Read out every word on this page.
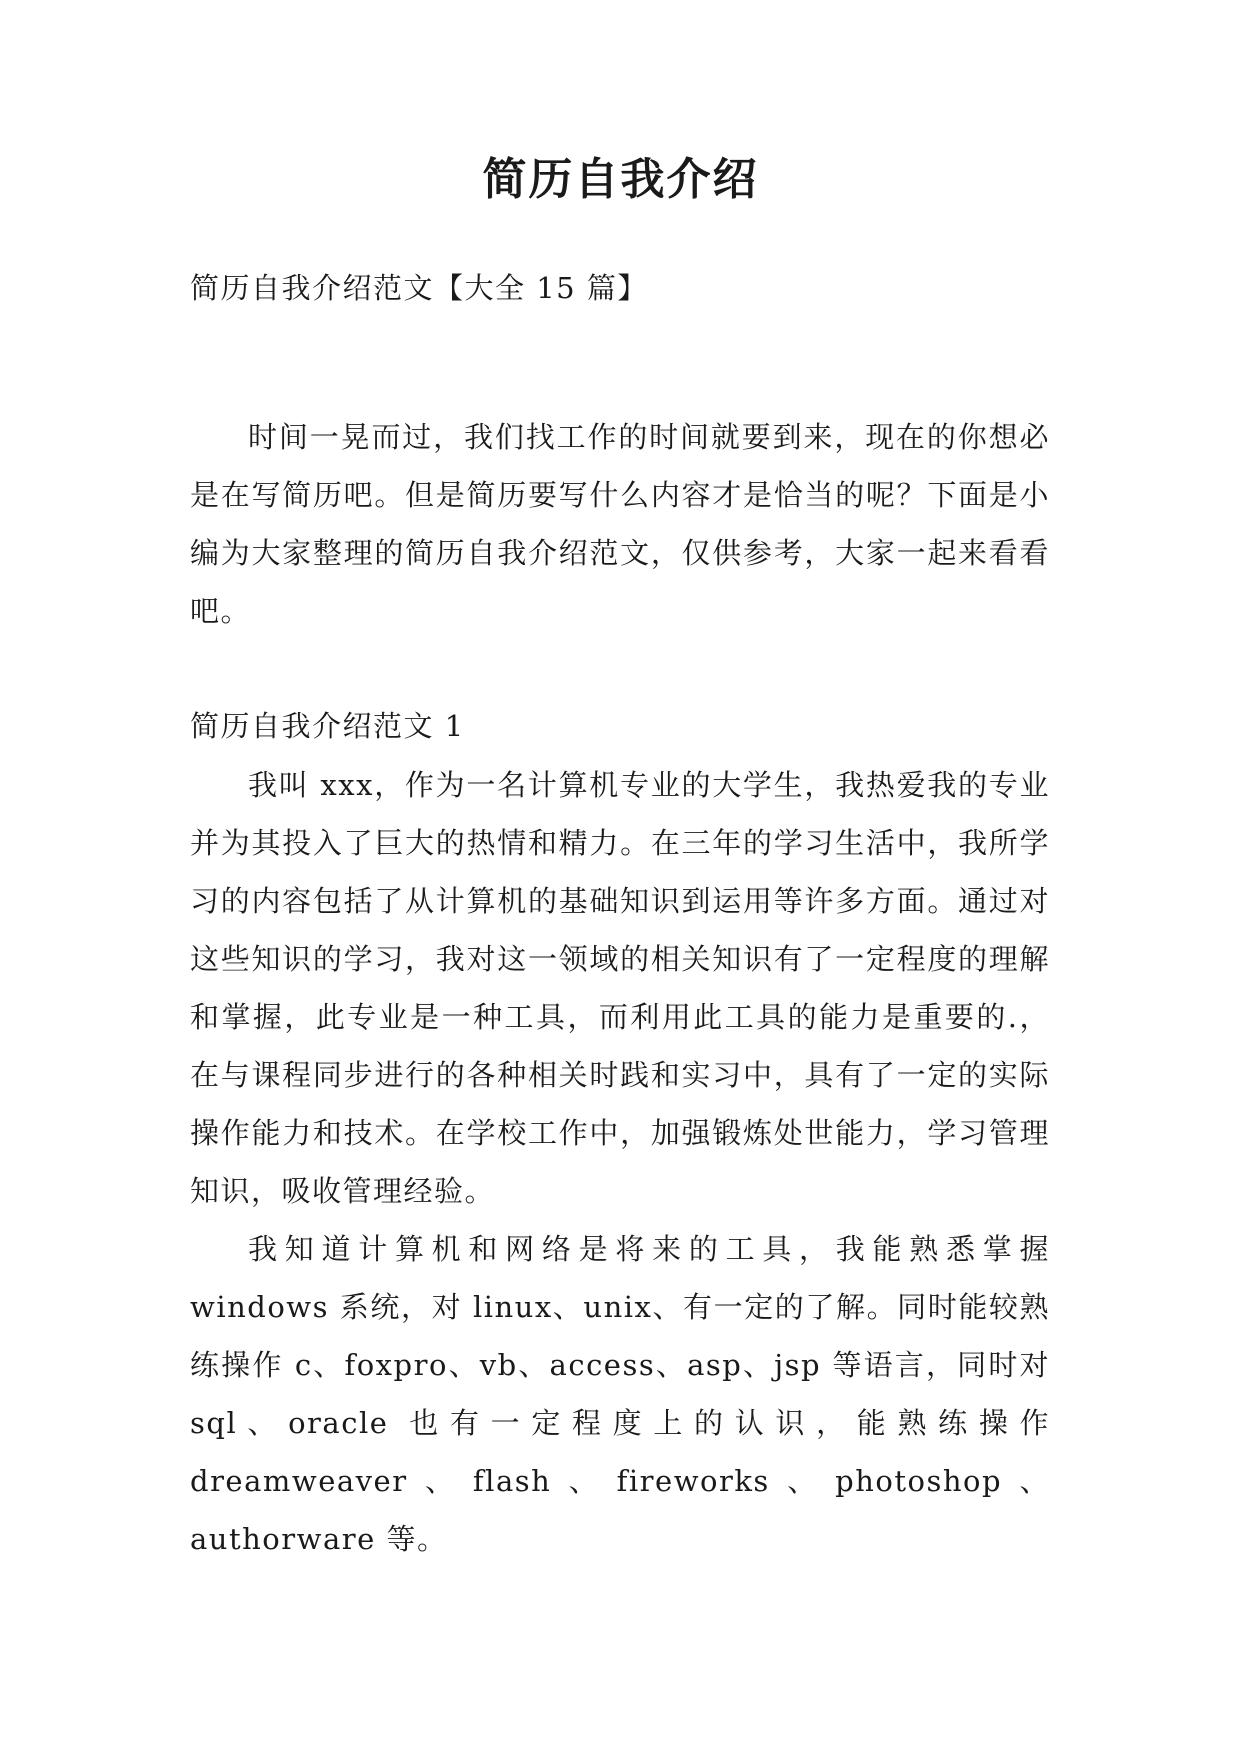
简历自我介绍
简历自我介绍范文【大全 15 篇】

时间一晃而过，我们找工作的时间就要到来，现在的你想必是在写简历吧。但是简历要写什么内容才是恰当的呢？下面是小编为大家整理的简历自我介绍范文，仅供参考，大家一起来看看吧。

简历自我介绍范文 1

我叫 xxx，作为一名计算机专业的大学生，我热爱我的专业并为其投入了巨大的热情和精力。在三年的学习生活中，我所学习的内容包括了从计算机的基础知识到运用等许多方面。通过对这些知识的学习，我对这一领域的相关知识有了一定程度的理解和掌握，此专业是一种工具，而利用此工具的能力是重要的.，在与课程同步进行的各种相关时践和实习中，具有了一定的实际操作能力和技术。在学校工作中，加强锻炼处世能力，学习管理知识，吸收管理经验。

我知道计算机和网络是将来的工具，我能熟悉掌握 windows 系统，对 linux、unix、有一定的了解。同时能较熟练操作 c、foxpro、vb、access、asp、jsp 等语言，同时对 sql、oracle 也有一定程度上的认识，能熟练操作 dreamweaver、flash、fireworks、photoshop、authorware 等。
